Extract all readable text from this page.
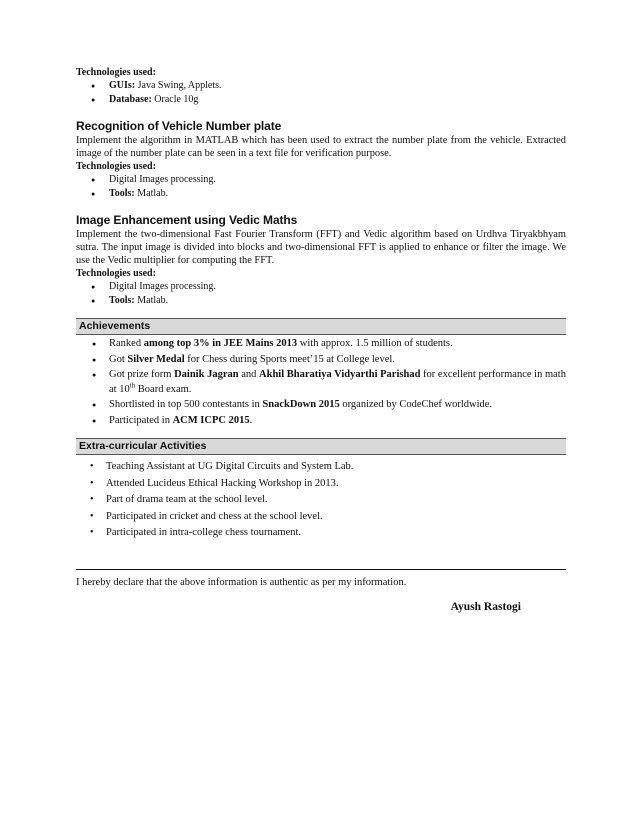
Technologies used:

● GUIs: Java Swing, Applets.
● Database: Oracle 10g
Recognition of Vehicle Number plate

Implement the algorithm in MATLAB which has been used to extract the number plate from the vehicle. Extracted image of the number plate can be seen in a text file for verification purpose.

Technologies used:

● Digital Images processing.
● Tools: Matlab.
Image Enhancement using Vedic Maths

Implement the two-dimensional Fast Fourier Transform (FFT) and Vedic algorithm based on Urdhva Tiryakbhyam sutra. The input image is divided into blocks and two-dimensional FFT is applied to enhance or filter the image. We use the Vedic multiplier for computing the FFT.

Technologies used:

● Digital Images processing.
● Tools: Matlab.
Achievements
● Ranked among top 3% in JEE Mains 2013 with approx. 1.5 million of students.
● Got Silver Medal for Chess during Sports meet’15 at College level.
● Got prize form Dainik Jagran and Akhil Bharatiya Vidyarthi Parishad for excellent performance in math at 10th Board exam.
● Shortlisted in top 500 contestants in SnackDown 2015 organized by CodeChef worldwide.
● Participated in ACM ICPC 2015.
Extra-curricular Activities
• Teaching Assistant at UG Digital Circuits and System Lab.
• Attended Lucideus Ethical Hacking Workshop in 2013.
• Part of drama team at the school level.
• Participated in cricket and chess at the school level.
• Participated in intra-college chess tournament.
I hereby declare that the above information is authentic as per my information.
Ayush Rastogi
